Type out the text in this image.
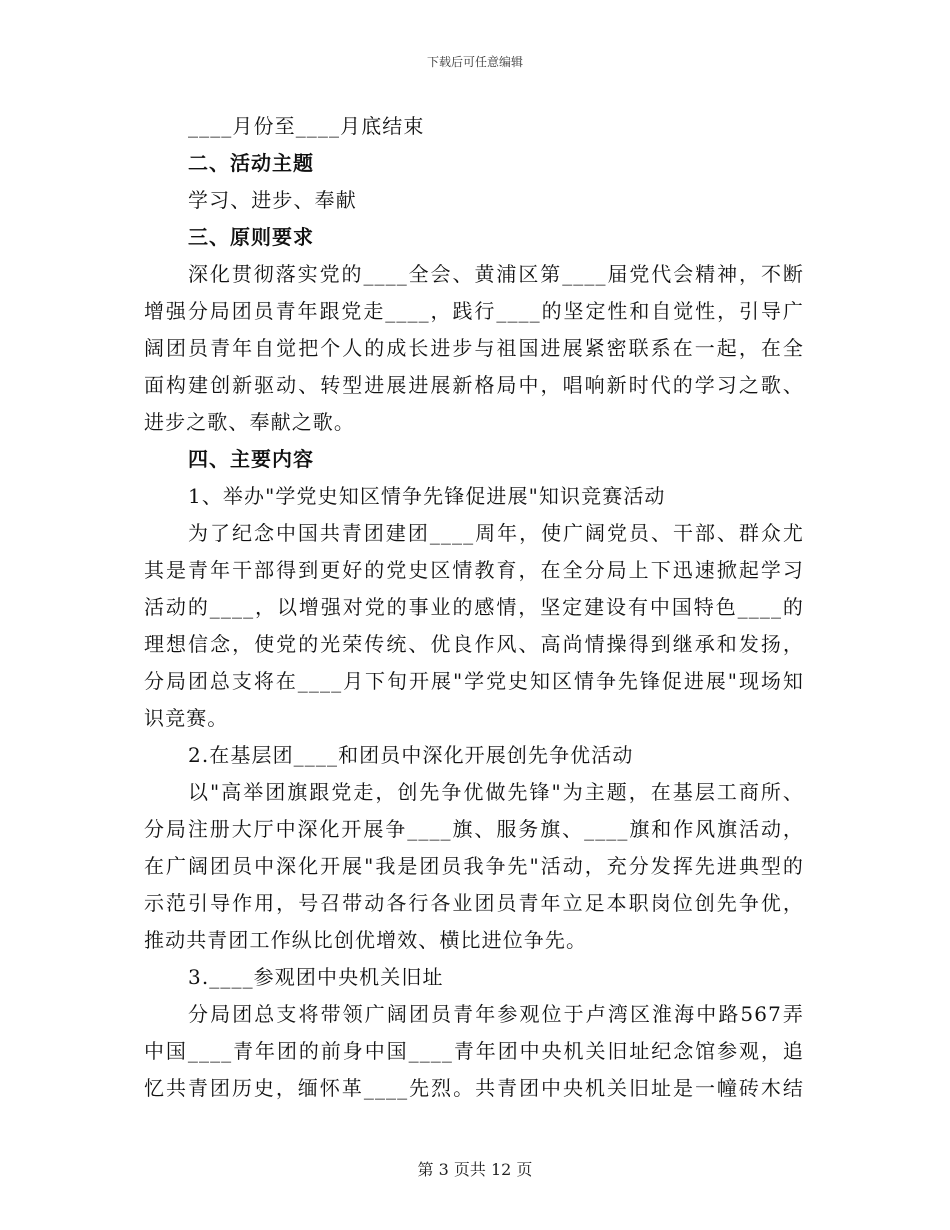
下载后可任意编辑
____月份至____月底结束
二、活动主题
学习、进步、奉献
三、原则要求
深化贯彻落实党的____全会、黄浦区第____届党代会精神，不断
增强分局团员青年跟党走____，践行____的坚定性和自觉性，引导广
阔团员青年自觉把个人的成长进步与祖国进展紧密联系在一起，在全
面构建创新驱动、转型进展进展新格局中，唱响新时代的学习之歌、
进步之歌、奉献之歌。
四、主要内容
1、举办"学党史知区情争先锋促进展"知识竞赛活动
为了纪念中国共青团建团____周年，使广阔党员、干部、群众尤
其是青年干部得到更好的党史区情教育，在全分局上下迅速掀起学习
活动的____，以增强对党的事业的感情，坚定建设有中国特色____的
理想信念，使党的光荣传统、优良作风、高尚情操得到继承和发扬，
分局团总支将在____月下旬开展"学党史知区情争先锋促进展"现场知
识竞赛。
2.在基层团____和团员中深化开展创先争优活动
以"高举团旗跟党走，创先争优做先锋"为主题，在基层工商所、
分局注册大厅中深化开展争____旗、服务旗、____旗和作风旗活动，
在广阔团员中深化开展"我是团员我争先"活动，充分发挥先进典型的
示范引导作用，号召带动各行各业团员青年立足本职岗位创先争优，
推动共青团工作纵比创优增效、横比进位争先。
3.____参观团中央机关旧址
分局团总支将带领广阔团员青年参观位于卢湾区淮海中路567弄
中国____青年团的前身中国____青年团中央机关旧址纪念馆参观，追
忆共青团历史，缅怀革____先烈。共青团中央机关旧址是一幢砖木结
第 3 页共 12 页
